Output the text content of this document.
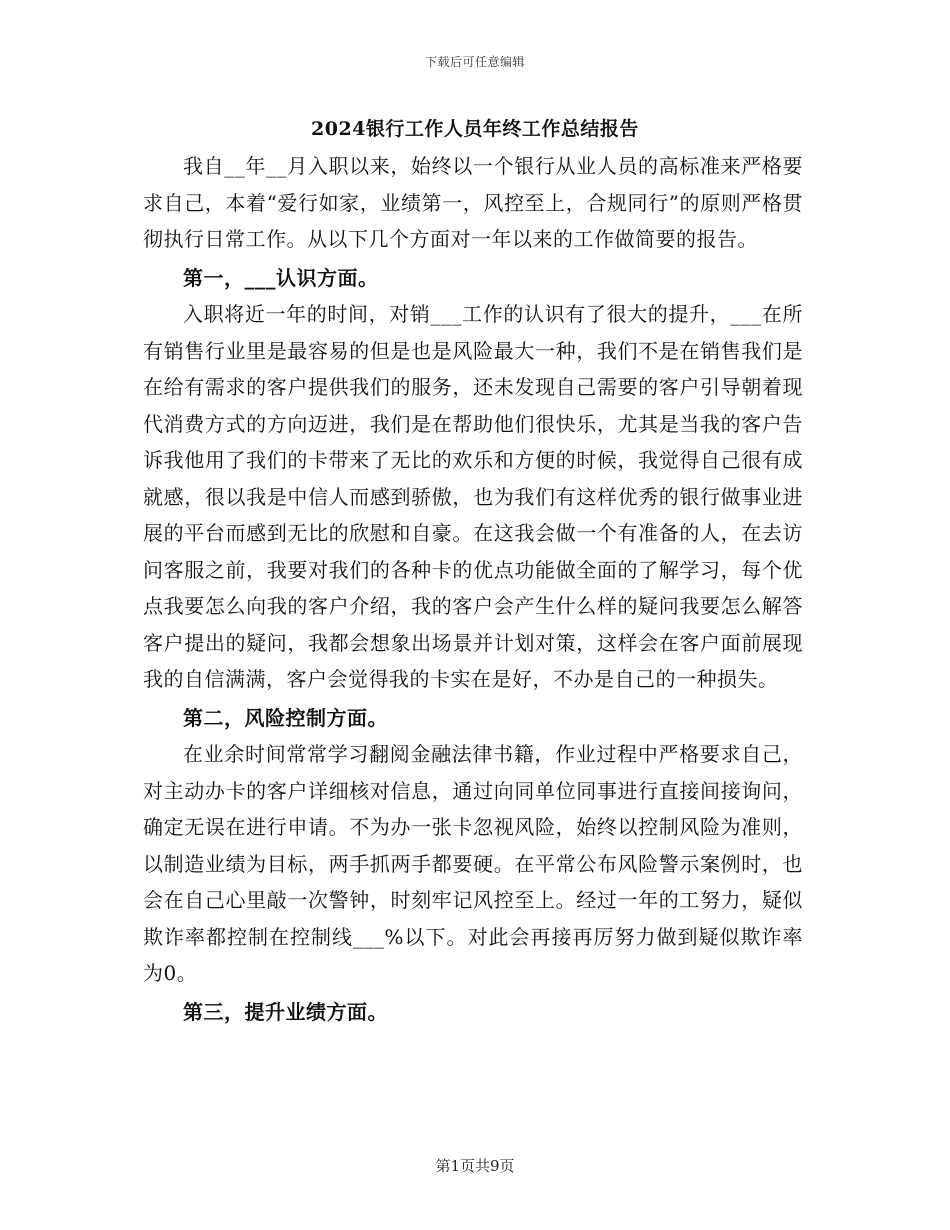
下载后可任意编辑
2024银行工作人员年终工作总结报告

我自__年__月入职以来，始终以一个银行从业人员的高标准来严格要求自己，本着“爱行如家，业绩第一，风控至上，合规同行”的原则严格贯彻执行日常工作。从以下几个方面对一年以来的工作做简要的报告。

第一，___认识方面。

入职将近一年的时间，对销___工作的认识有了很大的提升，___在所有销售行业里是最容易的但是也是风险最大一种，我们不是在销售我们是在给有需求的客户提供我们的服务，还未发现自己需要的客户引导朝着现代消费方式的方向迈进，我们是在帮助他们很快乐，尤其是当我的客户告诉我他用了我们的卡带来了无比的欢乐和方便的时候，我觉得自己很有成就感，很以我是中信人而感到骄傲，也为我们有这样优秀的银行做事业进展的平台而感到无比的欣慰和自豪。在这我会做一个有准备的人，在去访问客服之前，我要对我们的各种卡的优点功能做全面的了解学习，每个优点我要怎么向我的客户介绍，我的客户会产生什么样的疑问我要怎么解答客户提出的疑问，我都会想象出场景并计划对策，这样会在客户面前展现我的自信满满，客户会觉得我的卡实在是好，不办是自己的一种损失。

第二，风险控制方面。

在业余时间常常学习翻阅金融法律书籍，作业过程中严格要求自己，对主动办卡的客户详细核对信息，通过向同单位同事进行直接间接询问，确定无误在进行申请。不为办一张卡忽视风险，始终以控制风险为准则，以制造业绩为目标，两手抓两手都要硬。在平常公布风险警示案例时，也会在自己心里敲一次警钟，时刻牢记风控至上。经过一年的工努力，疑似欺诈率都控制在控制线___%以下。对此会再接再厉努力做到疑似欺诈率为0。

第三，提升业绩方面。

第1页共9页
